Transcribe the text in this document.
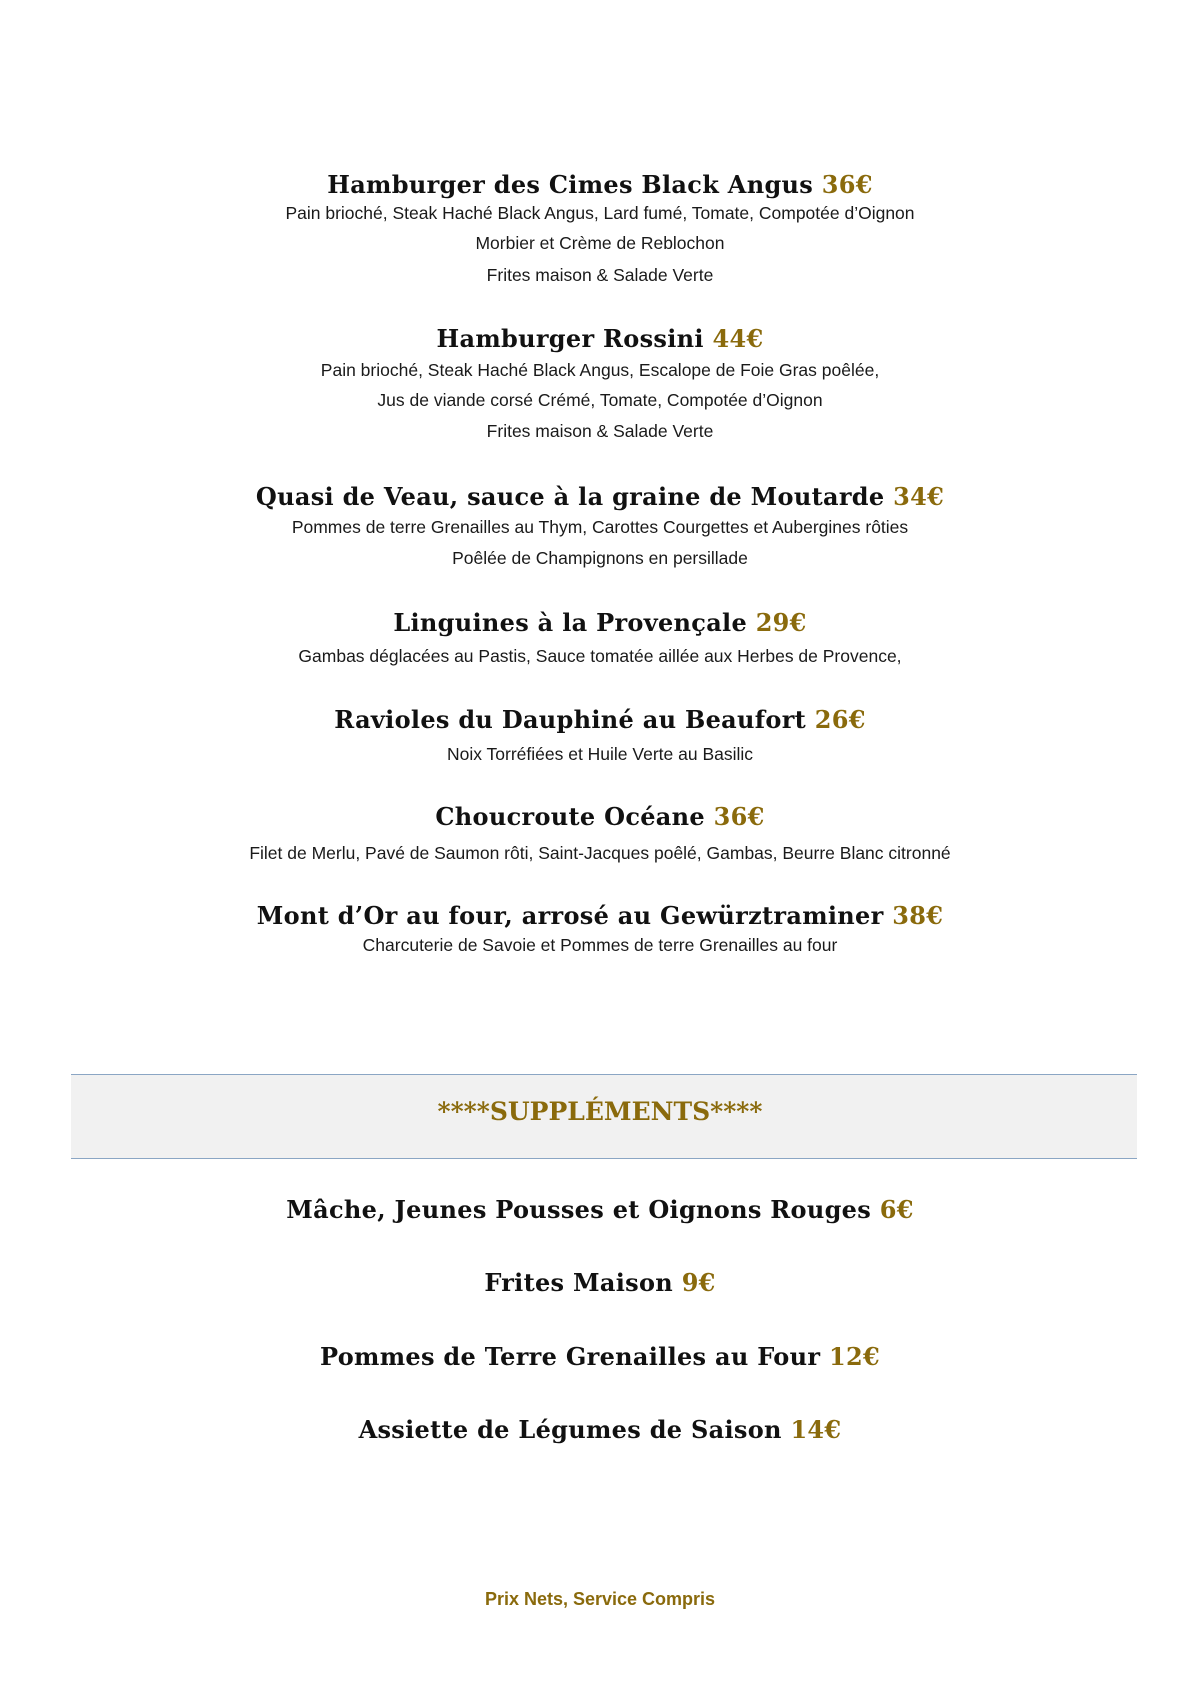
Hamburger des Cimes Black Angus 36€
Pain brioché, Steak Haché Black Angus, Lard fumé, Tomate, Compotée d’Oignon
Morbier et Crème de Reblochon
Frites maison & Salade Verte
Hamburger Rossini 44€
Pain brioché, Steak Haché Black Angus, Escalope de Foie Gras poêlée,
Jus de viande corsé Crémé, Tomate, Compotée d’Oignon
Frites maison & Salade Verte
Quasi de Veau, sauce à la graine de Moutarde 34€
Pommes de terre Grenailles au Thym, Carottes Courgettes et Aubergines rôties
Poêlée de Champignons en persillade
Linguines à la Provençale 29€
Gambas déglacées au Pastis, Sauce tomatée aillée aux Herbes de Provence,
Ravioles du Dauphiné au Beaufort 26€
Noix Torréfiées et Huile Verte au Basilic
Choucroute Océane 36€
Filet de Merlu, Pavé de Saumon rôti, Saint-Jacques poêlé, Gambas, Beurre Blanc citronné
Mont d’Or au four, arrosé au Gewürztraminer 38€
Charcuterie de Savoie et Pommes de terre Grenailles au four
****SUPPLÉMENTS****
Mâche, Jeunes Pousses et Oignons Rouges 6€
Frites Maison 9€
Pommes de Terre Grenailles au Four 12€
Assiette de Légumes de Saison 14€
Prix Nets, Service Compris
